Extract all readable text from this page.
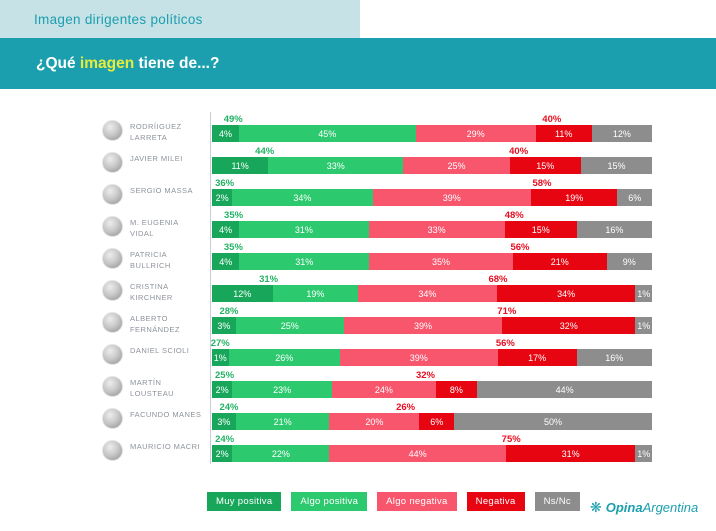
Imagen dirigentes políticos
¿Qué imagen tiene de...?
RODRÍIGUEZ LARRETA
49%	40%
4%	45%	29%	11%	12%
JAVIER MILEI
44%	40%
11%	33%	25%	15%	15%
SERGIO MASSA
36%	58%
2%	34%	39%	19%	6%
M. EUGENIA VIDAL
35%	48%
4%	31%	33%	15%	16%
PATRICIA BULLRICH
35%	56%
4%	31%	35%	21%	9%
CRISTINA KIRCHNER
31%	68%
12%	19%	34%	34%	1%
ALBERTO FERNÁNDEZ
28%	71%
3%	25%	39%	32%	1%
DANIEL SCIOLI
27%	56%
1%	26%	39%	17%	16%
MARTÍN LOUSTEAU
25%	32%
2%	23%	24%	8%	44%
FACUNDO MANES
24%	26%
3%	21%	20%	6%	50%
MAURICIO MACRI
24%	75%
2%	22%	44%	31%	1%
Muy positiva	Algo positiva	Algo negativa	Negativa	Ns/Nc	❋ Opina Argentina
